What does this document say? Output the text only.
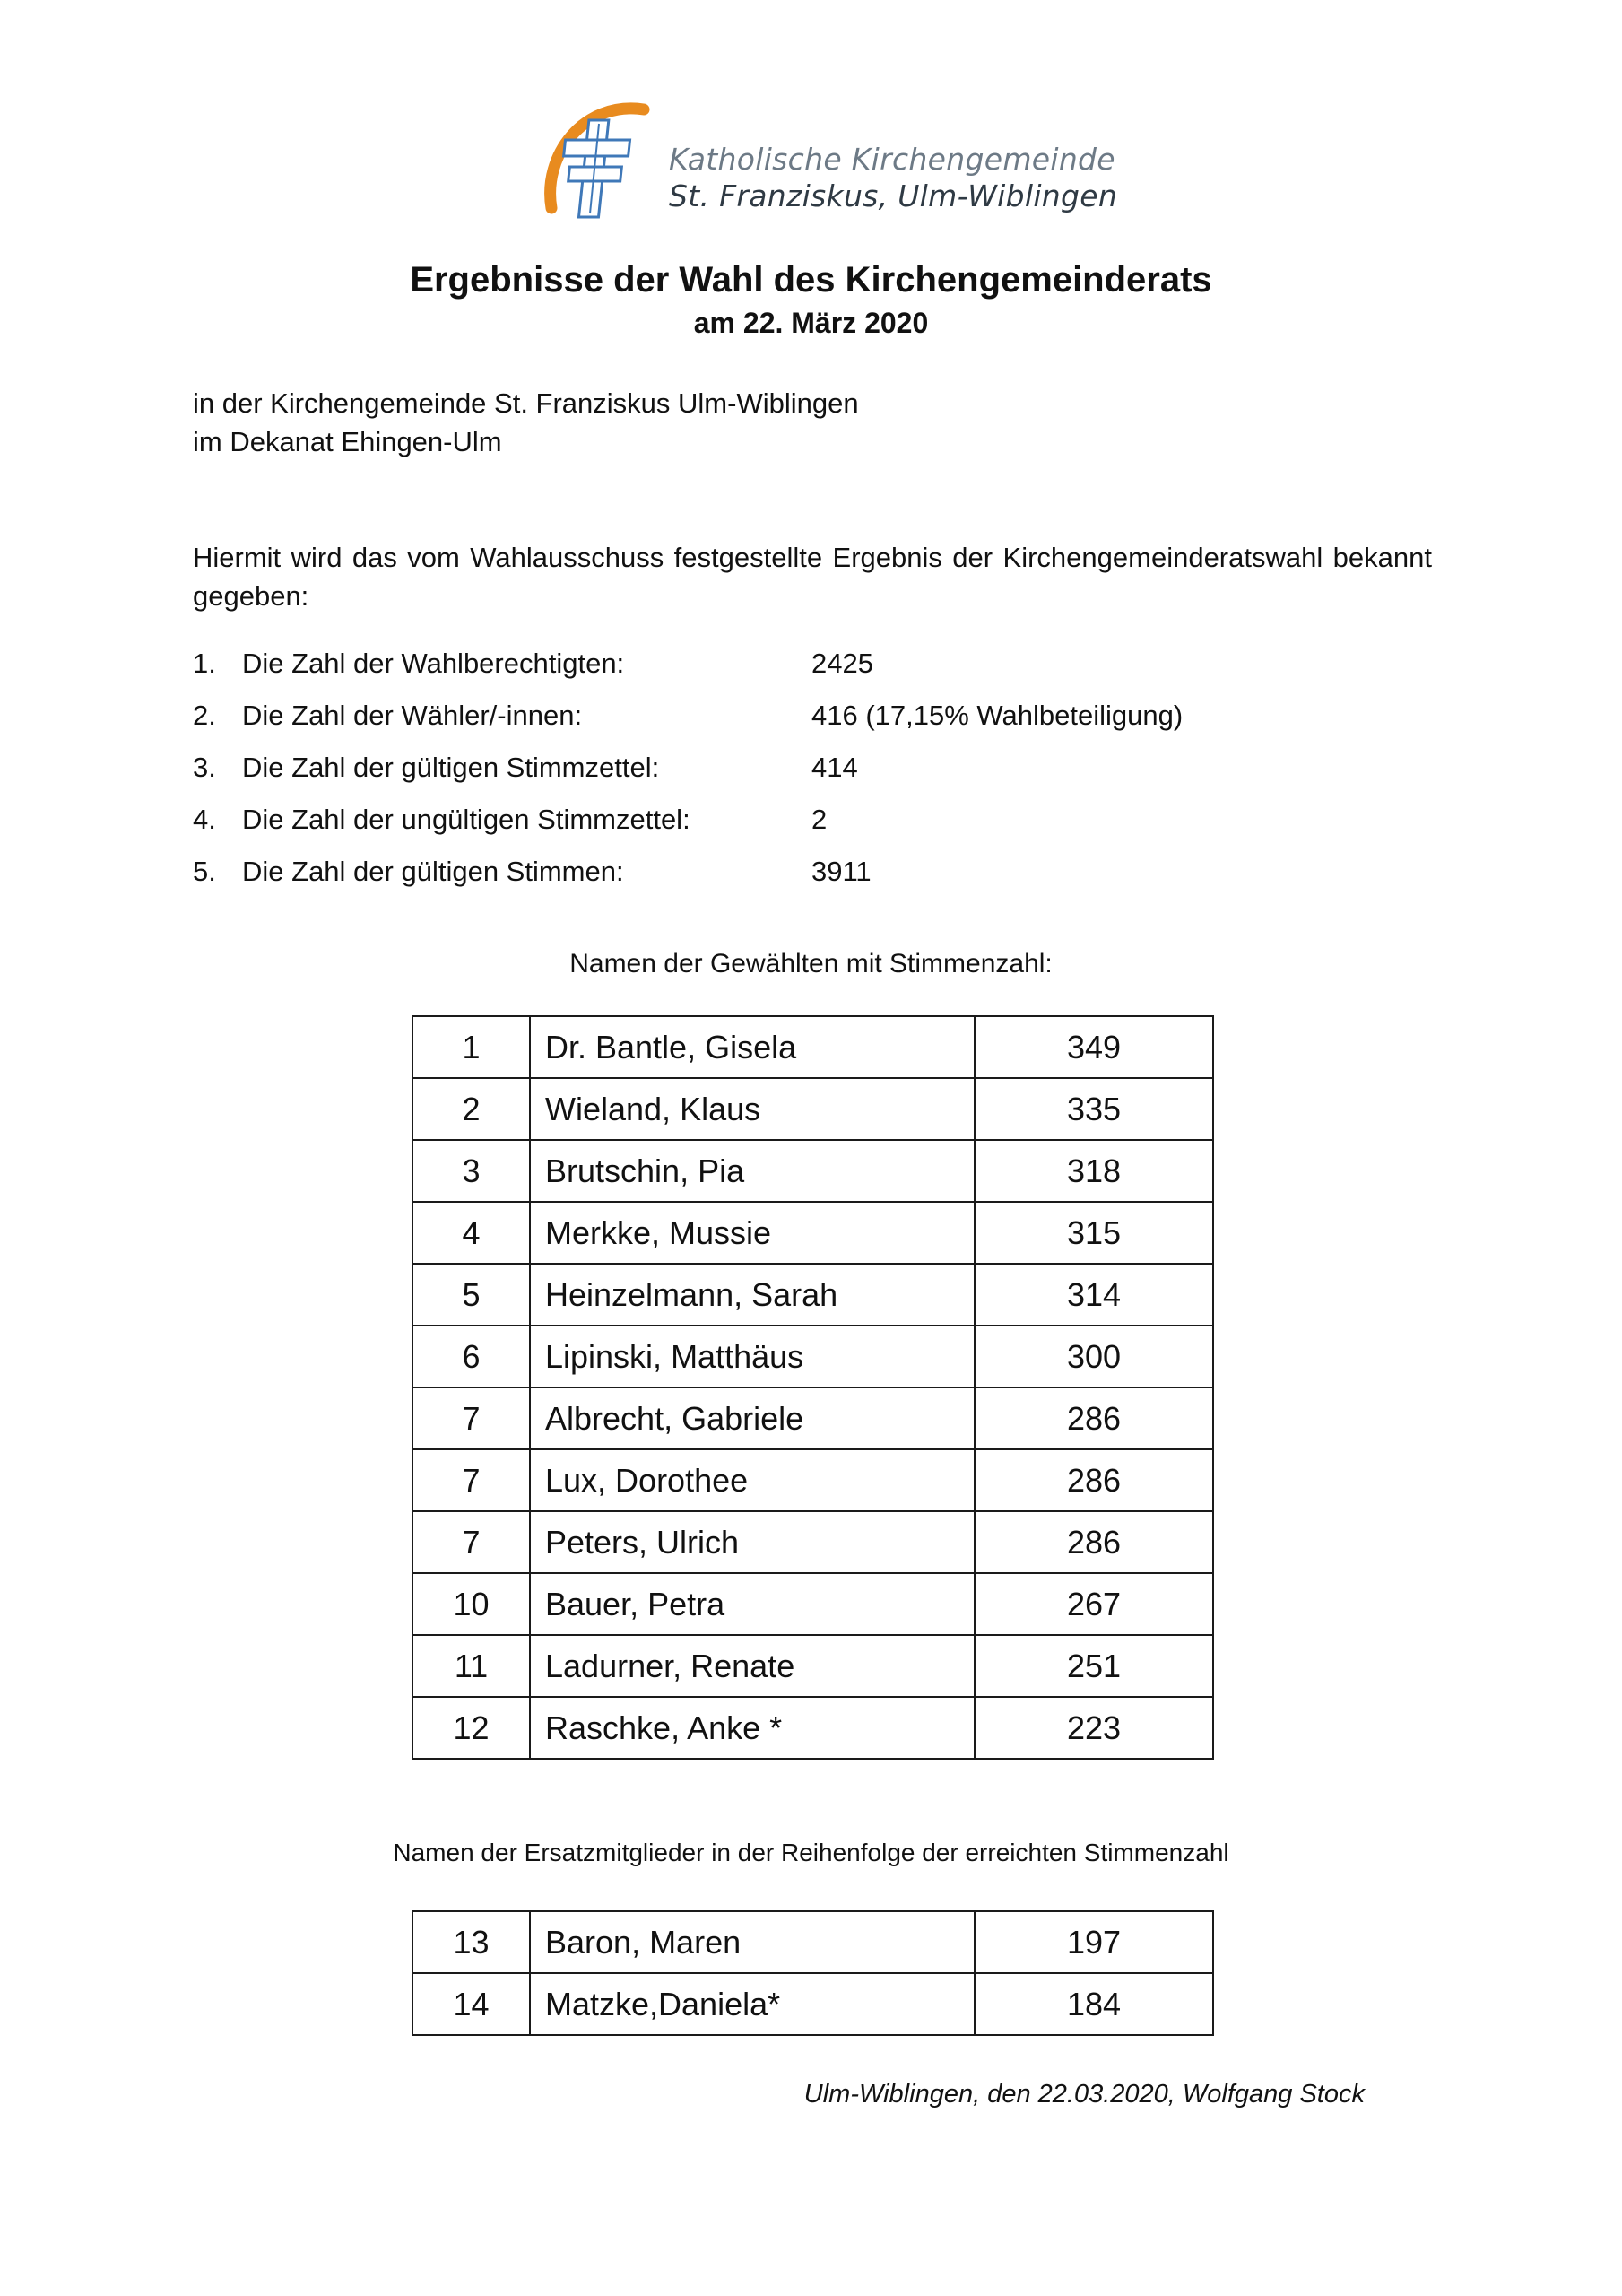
Katholische Kirchengemeinde
St. Franziskus, Ulm-Wiblingen
Ergebnisse der Wahl des Kirchengemeinderats
am 22. März 2020
in der Kirchengemeinde St. Franziskus Ulm-Wiblingen
im Dekanat Ehingen-Ulm
Hiermit wird das vom Wahlausschuss festgestellte Ergebnis der Kirchengemeinderatswahl bekannt gegeben:
1. Die Zahl der Wahlberechtigten:	2425
2. Die Zahl der Wähler/-innen:	416 (17,15% Wahlbeteiligung)
3. Die Zahl der gültigen Stimmzettel:	414
4. Die Zahl der ungültigen Stimmzettel:	2
5. Die Zahl der gültigen Stimmen:	3911
Namen der Gewählten mit Stimmenzahl:
1	Dr. Bantle, Gisela	349
2	Wieland, Klaus	335
3	Brutschin, Pia	318
4	Merkke, Mussie	315
5	Heinzelmann, Sarah	314
6	Lipinski, Matthäus	300
7	Albrecht, Gabriele	286
7	Lux, Dorothee	286
7	Peters, Ulrich	286
10	Bauer, Petra	267
11	Ladurner, Renate	251
12	Raschke, Anke *	223
Namen der Ersatzmitglieder in der Reihenfolge der erreichten Stimmenzahl
13	Baron, Maren	197
14	Matzke,Daniela*	184
Ulm-Wiblingen, den 22.03.2020, Wolfgang Stock
